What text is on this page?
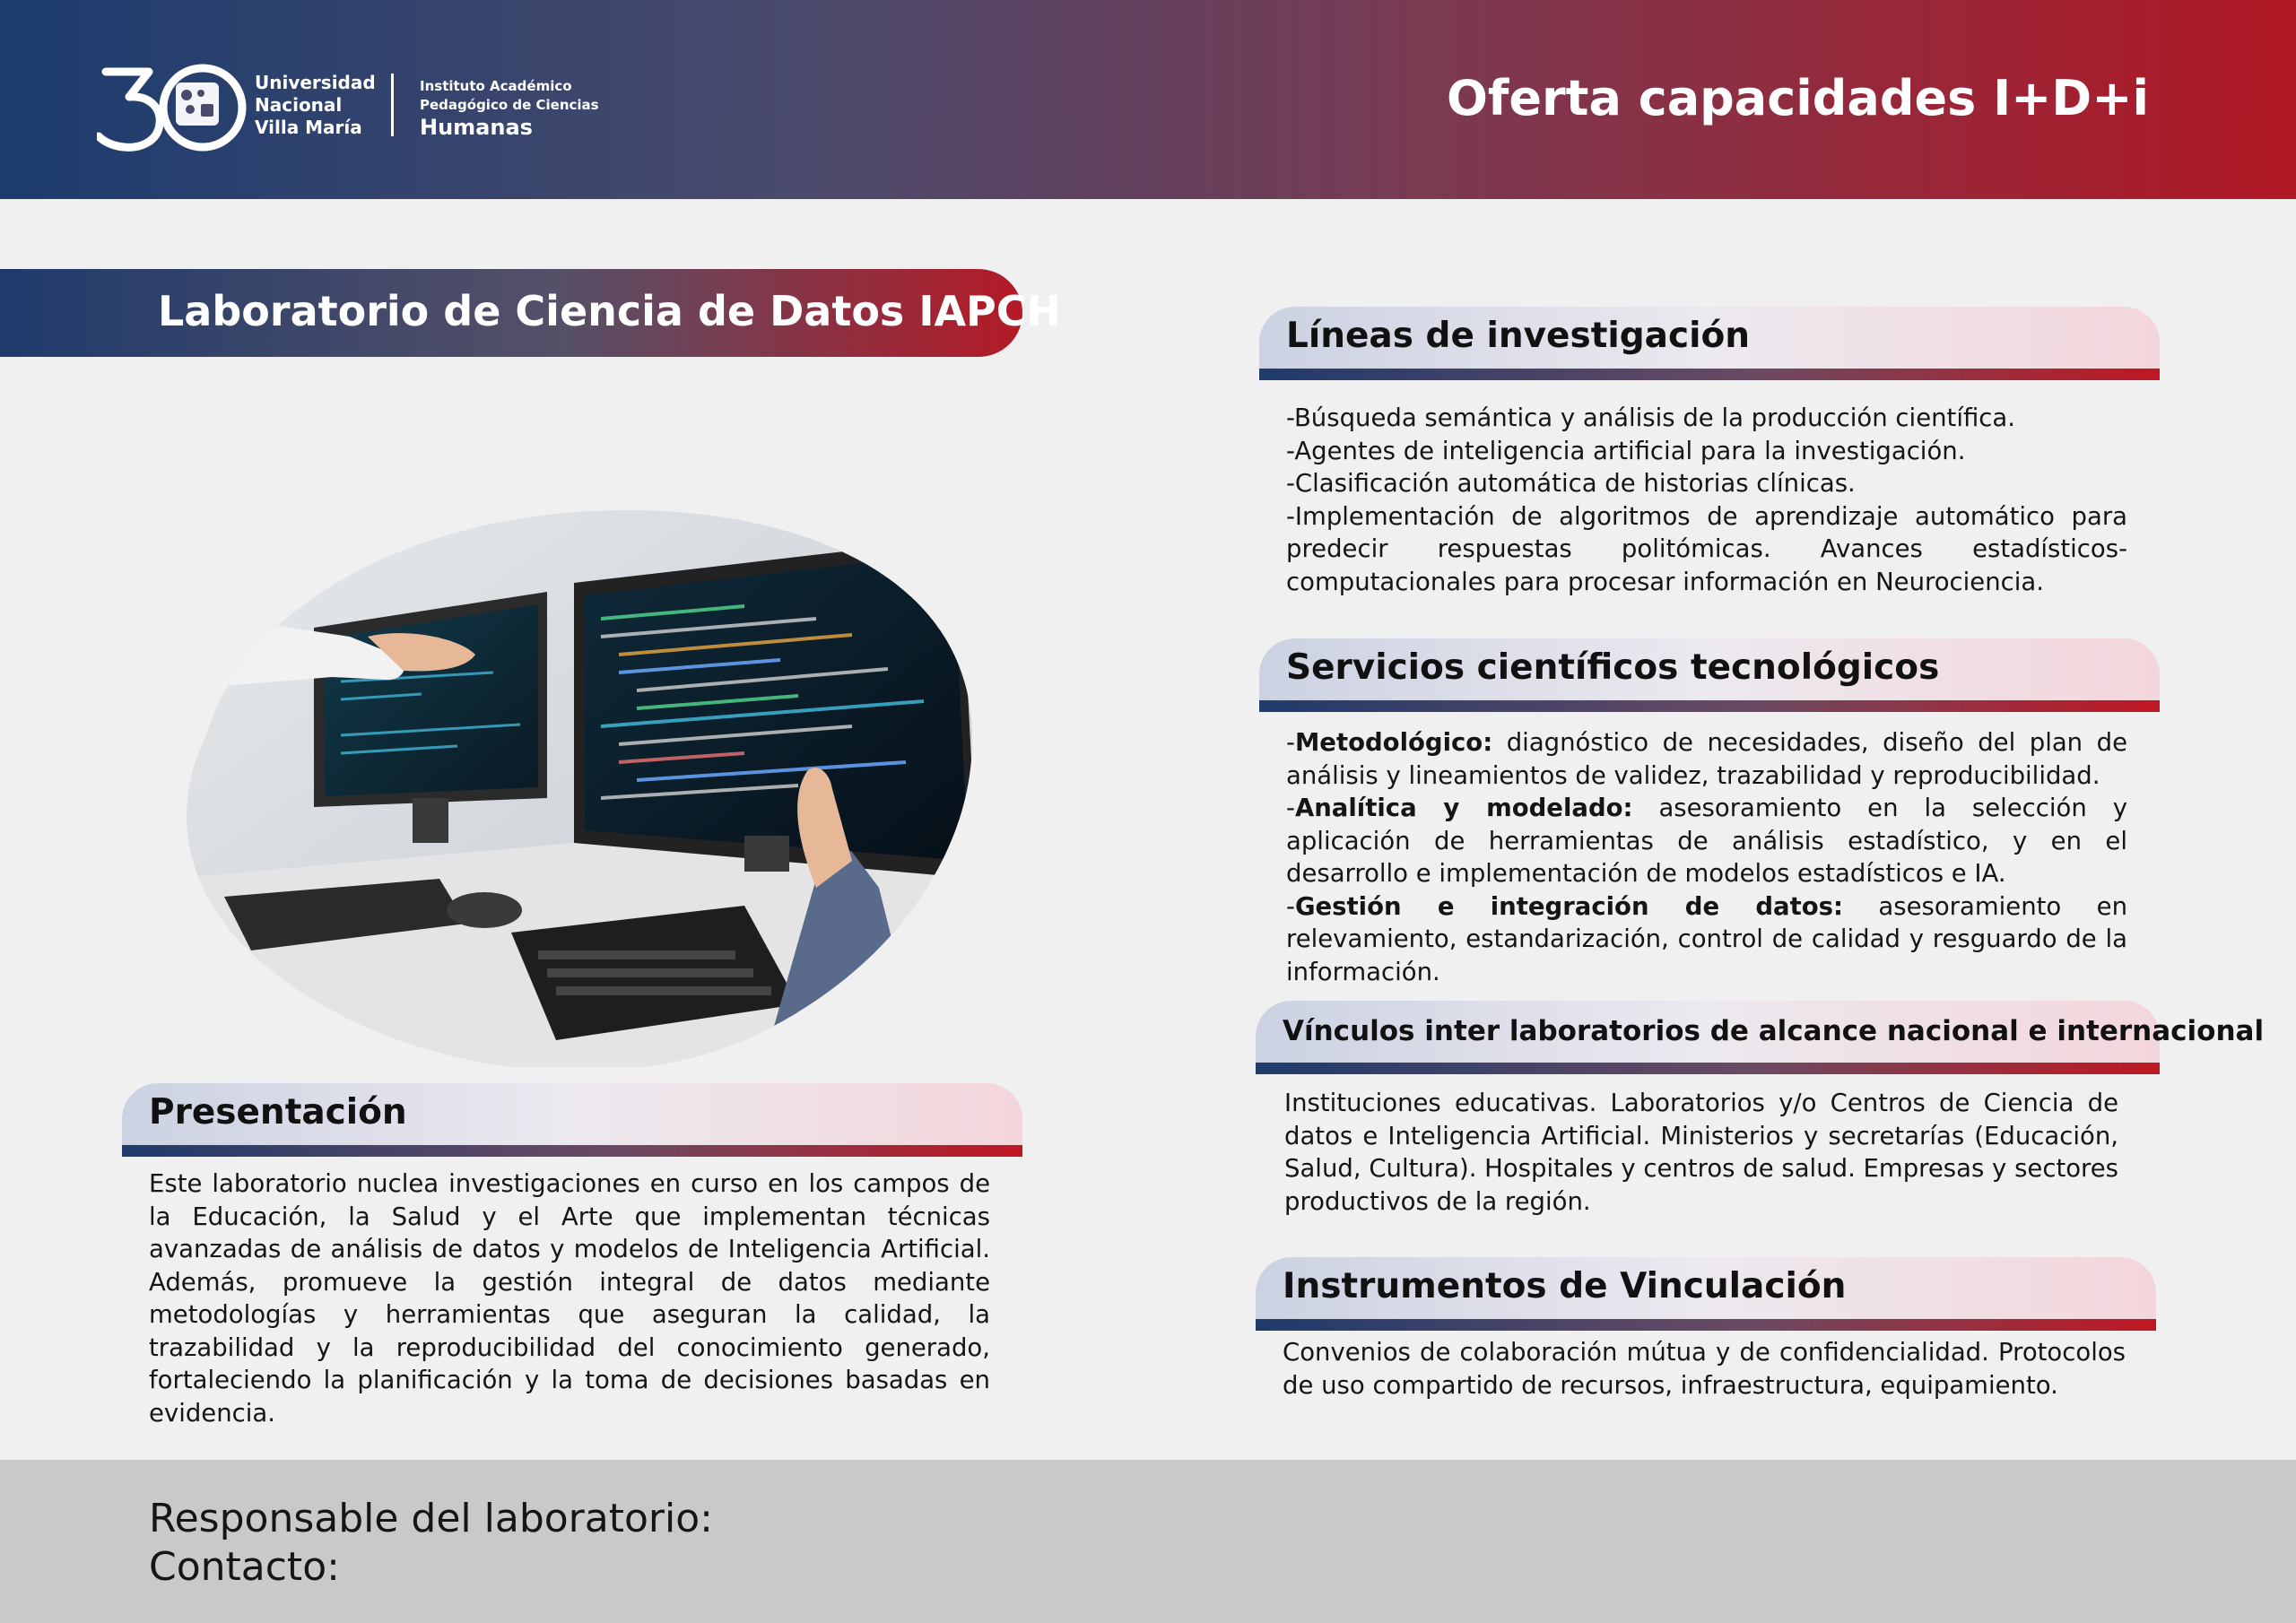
Universidad
Nacional
Villa María
Instituto Académico
Pedagógico de Ciencias
Humanas
Oferta capacidades I+D+i
Laboratorio de Ciencia de Datos IAPCH
Presentación

Este laboratorio nuclea investigaciones en curso en los campos de la Educación, la Salud y el Arte que implementan técnicas avanzadas de análisis de datos y modelos de Inteligencia Artificial. Además, promueve la gestión integral de datos mediante metodologías y herramientas que aseguran la calidad, la trazabilidad y la reproducibilidad del conocimiento generado, fortaleciendo la planificación y la toma de decisiones basadas en evidencia.

Líneas de investigación

-Búsqueda semántica y análisis de la producción científica.

-Agentes de inteligencia artificial para la investigación.

-Clasificación automática de historias clínicas.

-Implementación de algoritmos de aprendizaje automático para predecir respuestas politómicas. Avances estadísticos-computacionales para procesar información en Neurociencia.

Servicios científicos tecnológicos

-Metodológico: diagnóstico de necesidades, diseño del plan de análisis y lineamientos de validez, trazabilidad y reproducibilidad.

-Analítica y modelado: asesoramiento en la selección y aplicación de herramientas de análisis estadístico, y en el desarrollo e implementación de modelos estadísticos e IA.

-Gestión e integración de datos: asesoramiento en relevamiento, estandarización, control de calidad y resguardo de la información.

Vínculos inter laboratorios de alcance nacional e internacional

Instituciones educativas. Laboratorios y/o Centros de Ciencia de datos e Inteligencia Artificial. Ministerios y secretarías (Educación, Salud, Cultura). Hospitales y centros de salud. Empresas y sectores productivos de la región.

Instrumentos de Vinculación

Convenios de colaboración mútua y de confidencialidad. Protocolos de uso compartido de recursos, infraestructura, equipamiento.

Responsable del laboratorio:
Contacto:
